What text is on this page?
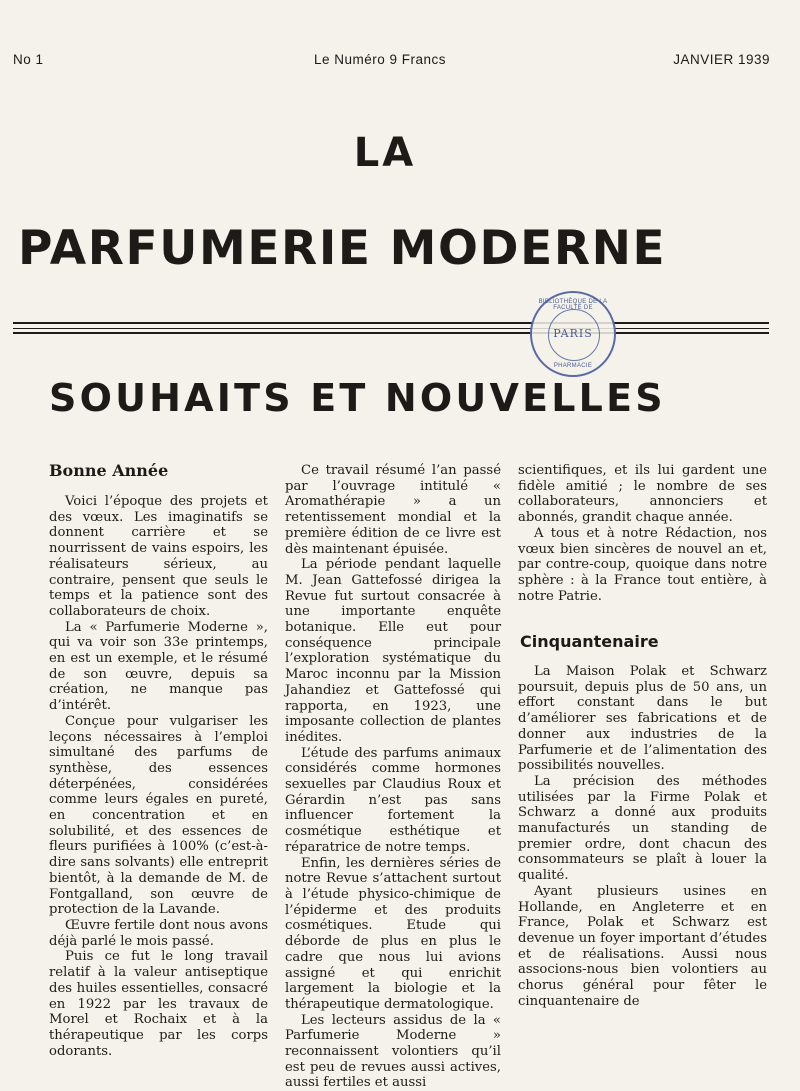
No 1	Le Numéro 9 Francs	JANVIER 1939
LA
PARFUMERIE MODERNE
BIBLIOTHÈQUE DE LA FACULTÉ DE
PARIS
PHARMACIE
SOUHAITS ET NOUVELLES
Bonne Année

Voici l’époque des projets et des vœux. Les imaginatifs se donnent carrière et se nourrissent de vains espoirs, les réalisateurs sérieux, au contraire, pensent que seuls le temps et la patience sont des collaborateurs de choix.

La « Parfumerie Moderne », qui va voir son 33e printemps, en est un exemple, et le résumé de son œuvre, depuis sa création, ne manque pas d’intérêt.

Conçue pour vulgariser les leçons nécessaires à l’emploi simultané des parfums de synthèse, des essences déterpénées, considérées comme leurs égales en pureté, en concentration et en solubilité, et des essences de fleurs purifiées à 100% (c’est-à-dire sans solvants) elle entreprit bientôt, à la demande de M. de Fontgalland, son œuvre de protection de la Lavande.

Œuvre fertile dont nous avons déjà parlé le mois passé.

Puis ce fut le long travail relatif à la valeur antiseptique des huiles essentielles, consacré en 1922 par les travaux de Morel et Rochaix et à la thérapeutique par les corps odorants.

Ce travail résumé l’an passé par l’ouvrage intitulé « Aromathérapie » a un retentissement mondial et la première édition de ce livre est dès maintenant épuisée.

La période pendant laquelle M. Jean Gattefossé dirigea la Revue fut surtout consacrée à une importante enquête botanique. Elle eut pour conséquence principale l’exploration systématique du Maroc inconnu par la Mission Jahandiez et Gattefossé qui rapporta, en 1923, une imposante collection de plantes inédites.

L’étude des parfums animaux considérés comme hormones sexuelles par Claudius Roux et Gérardin n’est pas sans influencer fortement la cosmétique esthétique et réparatrice de notre temps.

Enfin, les dernières séries de notre Revue s’attachent surtout à l’étude physico-chimique de l’épiderme et des produits cosmétiques. Etude qui déborde de plus en plus le cadre que nous lui avions assigné et qui enrichit largement la biologie et la thérapeutique dermatologique.

Les lecteurs assidus de la « Parfumerie Moderne » reconnaissent volontiers qu’il est peu de revues aussi actives, aussi fertiles et aussi

scientifiques, et ils lui gardent une fidèle amitié ; le nombre de ses collaborateurs, annonciers et abonnés, grandit chaque année.

A tous et à notre Rédaction, nos vœux bien sincères de nouvel an et, par contre-coup, quoique dans notre sphère : à la France tout entière, à notre Patrie.

Cinquantenaire

La Maison Polak et Schwarz poursuit, depuis plus de 50 ans, un effort constant dans le but d’améliorer ses fabrications et de donner aux industries de la Parfumerie et de l’alimentation des possibilités nouvelles.

La précision des méthodes utilisées par la Firme Polak et Schwarz a donné aux produits manufacturés un standing de premier ordre, dont chacun des consommateurs se plaît à louer la qualité.

Ayant plusieurs usines en Hollande, en Angleterre et en France, Polak et Schwarz est devenue un foyer important d’études et de réalisations. Aussi nous associons-nous bien volontiers au chorus général pour fêter le cinquantenaire de
